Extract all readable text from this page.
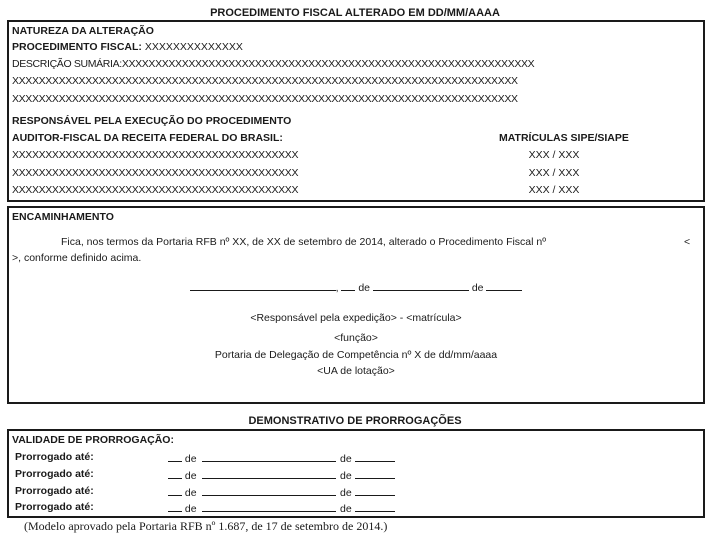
PROCEDIMENTO FISCAL ALTERADO EM DD/MM/AAAA
NATUREZA DA ALTERAÇÃO
PROCEDIMENTO FISCAL: XXXXXXXXXXXXXX
DESCRIÇÃO SUMÁRIA:XXXXXXXXXXXXXXXXXXXXXXXXXXXXXXXXXXXXXXXXXXXXXXXXXXXXXXXXXXXXXX
XXXXXXXXXXXXXXXXXXXXXXXXXXXXXXXXXXXXXXXXXXXXXXXXXXXXXXXXXXXXXXXXXXXXXXXXXXXX
XXXXXXXXXXXXXXXXXXXXXXXXXXXXXXXXXXXXXXXXXXXXXXXXXXXXXXXXXXXXXXXXXXXXXXXXXXXX
RESPONSÁVEL PELA EXECUÇÃO DO PROCEDIMENTO
AUDITOR-FISCAL DA RECEITA FEDERAL DO BRASIL:	MATRÍCULAS SIPE/SIAPE
XXXXXXXXXXXXXXXXXXXXXXXXXXXXXXXXXXXXXXXXXXX	XXX / XXX
XXXXXXXXXXXXXXXXXXXXXXXXXXXXXXXXXXXXXXXXXXX	XXX / XXX
XXXXXXXXXXXXXXXXXXXXXXXXXXXXXXXXXXXXXXXXXXX	XXX / XXX
ENCAMINHAMENTO
Fica, nos termos da Portaria RFB nº XX, de XX de setembro de 2014, alterado o Procedimento Fiscal nº	<
>, conforme definido acima.
,  de	de
<Responsável pela expedição> - <matrícula>
<função>
Portaria de Delegação de Competência nº X de dd/mm/aaaa
<UA de lotação>
DEMONSTRATIVO DE PRORROGAÇÕES
VALIDADE DE PRORROGAÇÃO:
Prorrogado até:	de	de
Prorrogado até:	de	de
Prorrogado até:	de	de
Prorrogado até:	de	de
(Modelo aprovado pela Portaria RFB nº 1.687, de 17 de setembro de 2014.)
